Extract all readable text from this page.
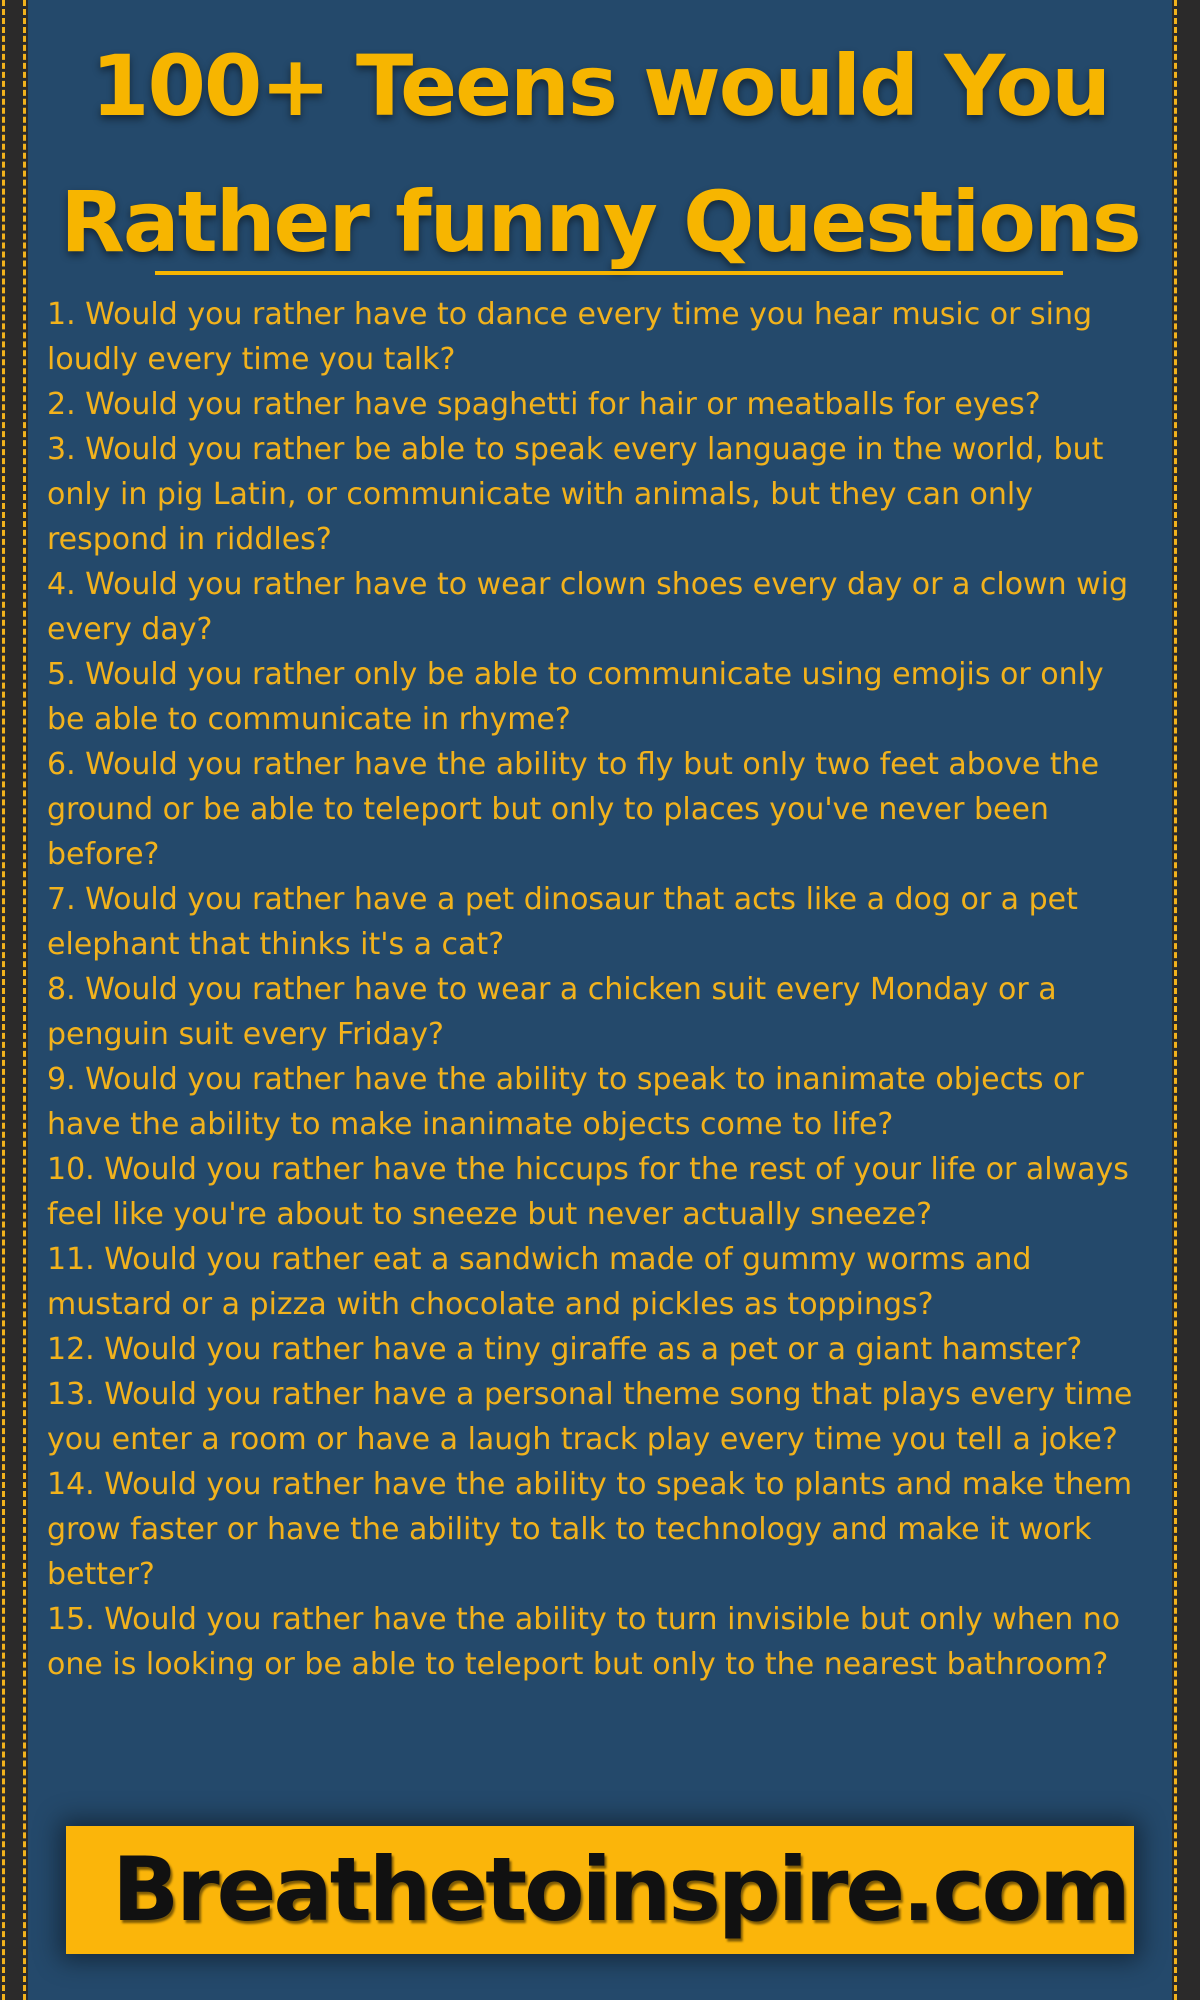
100+ Teens would You
Rather funny Questions
1. Would you rather have to dance every time you hear music or sing loudly every time you talk?
2. Would you rather have spaghetti for hair or meatballs for eyes?
3. Would you rather be able to speak every language in the world, but only in pig Latin, or communicate with animals, but they can only respond in riddles?
4. Would you rather have to wear clown shoes every day or a clown wig every day?
5. Would you rather only be able to communicate using emojis or only be able to communicate in rhyme?
6. Would you rather have the ability to fly but only two feet above the ground or be able to teleport but only to places you've never been before?
7. Would you rather have a pet dinosaur that acts like a dog or a pet elephant that thinks it's a cat?
8. Would you rather have to wear a chicken suit every Monday or a penguin suit every Friday?
9. Would you rather have the ability to speak to inanimate objects or have the ability to make inanimate objects come to life?
10. Would you rather have the hiccups for the rest of your life or always feel like you're about to sneeze but never actually sneeze?
11. Would you rather eat a sandwich made of gummy worms and mustard or a pizza with chocolate and pickles as toppings?
12. Would you rather have a tiny giraffe as a pet or a giant hamster?
13. Would you rather have a personal theme song that plays every time you enter a room or have a laugh track play every time you tell a joke?
14. Would you rather have the ability to speak to plants and make them grow faster or have the ability to talk to technology and make it work better?
15. Would you rather have the ability to turn invisible but only when no one is looking or be able to teleport but only to the nearest bathroom?
Breathetoinspire.com
